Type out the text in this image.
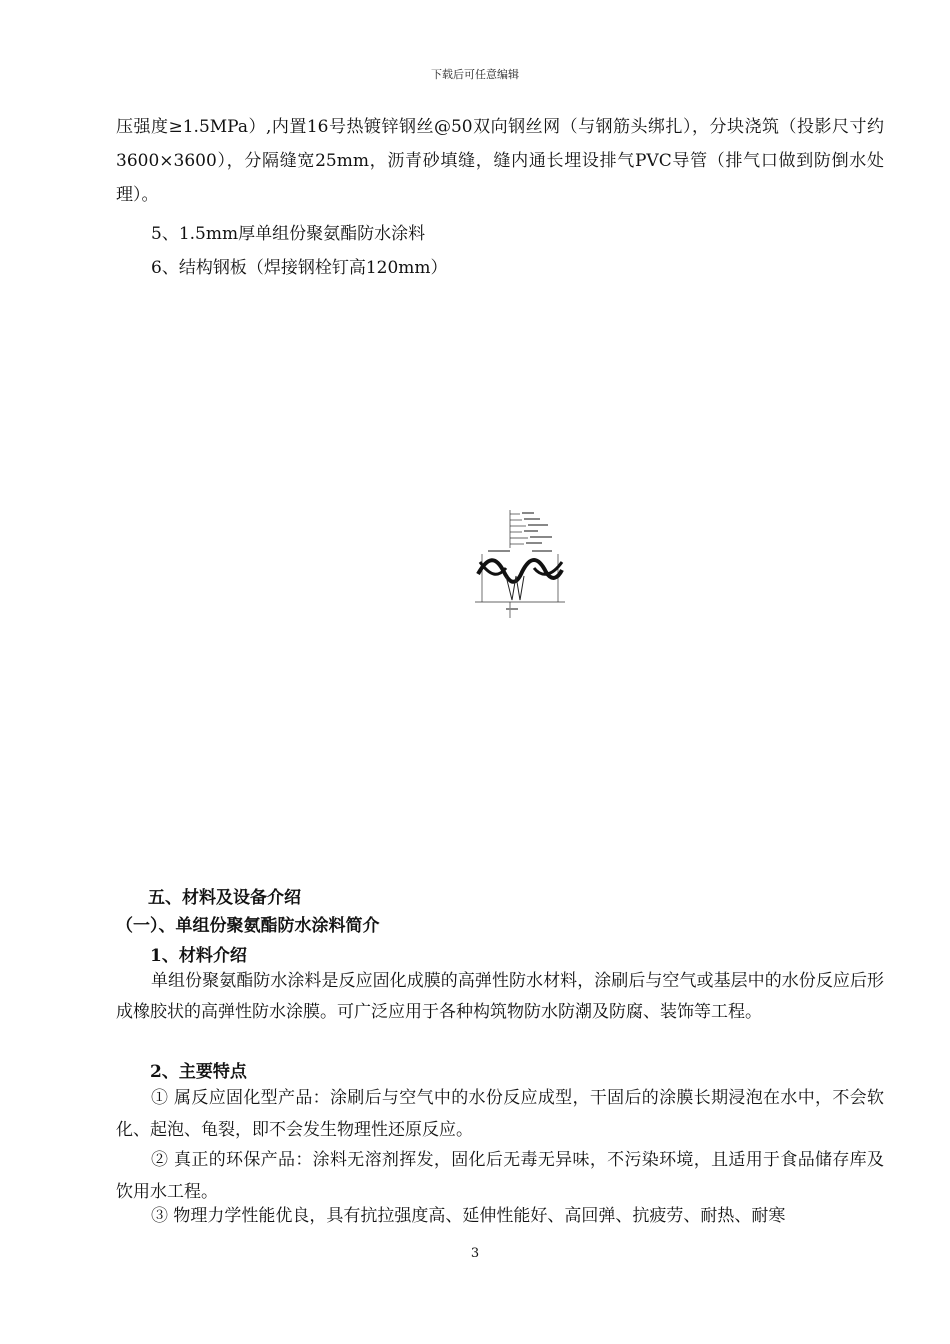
下载后可任意编辑

压强度≥1.5MPa）,内置16号热镀锌钢丝@50双向钢丝网（与钢筋头绑扎），分块浇筑（投影尺寸约3600×3600），分隔缝宽25mm，沥青砂填缝，缝内通长埋设排气PVC导管（排气口做到防倒水处理）。

5、1.5mm厚单组份聚氨酯防水涂料

6、结构钢板（焊接钢栓钉高120mm）

五、材料及设备介绍
（一）、单组份聚氨酯防水涂料简介
1、材料介绍

单组份聚氨酯防水涂料是反应固化成膜的高弹性防水材料，涂刷后与空气或基层中的水份反应后形成橡胶状的高弹性防水涂膜。可广泛应用于各种构筑物防水防潮及防腐、装饰等工程。

2、主要特点

① 属反应固化型产品：涂刷后与空气中的水份反应成型，干固后的涂膜长期浸泡在水中，不会软化、起泡、龟裂，即不会发生物理性还原反应。

② 真正的环保产品：涂料无溶剂挥发，固化后无毒无异味，不污染环境，且适用于食品储存库及饮用水工程。

③ 物理力学性能优良，具有抗拉强度高、延伸性能好、高回弹、抗疲劳、耐热、耐寒

3
